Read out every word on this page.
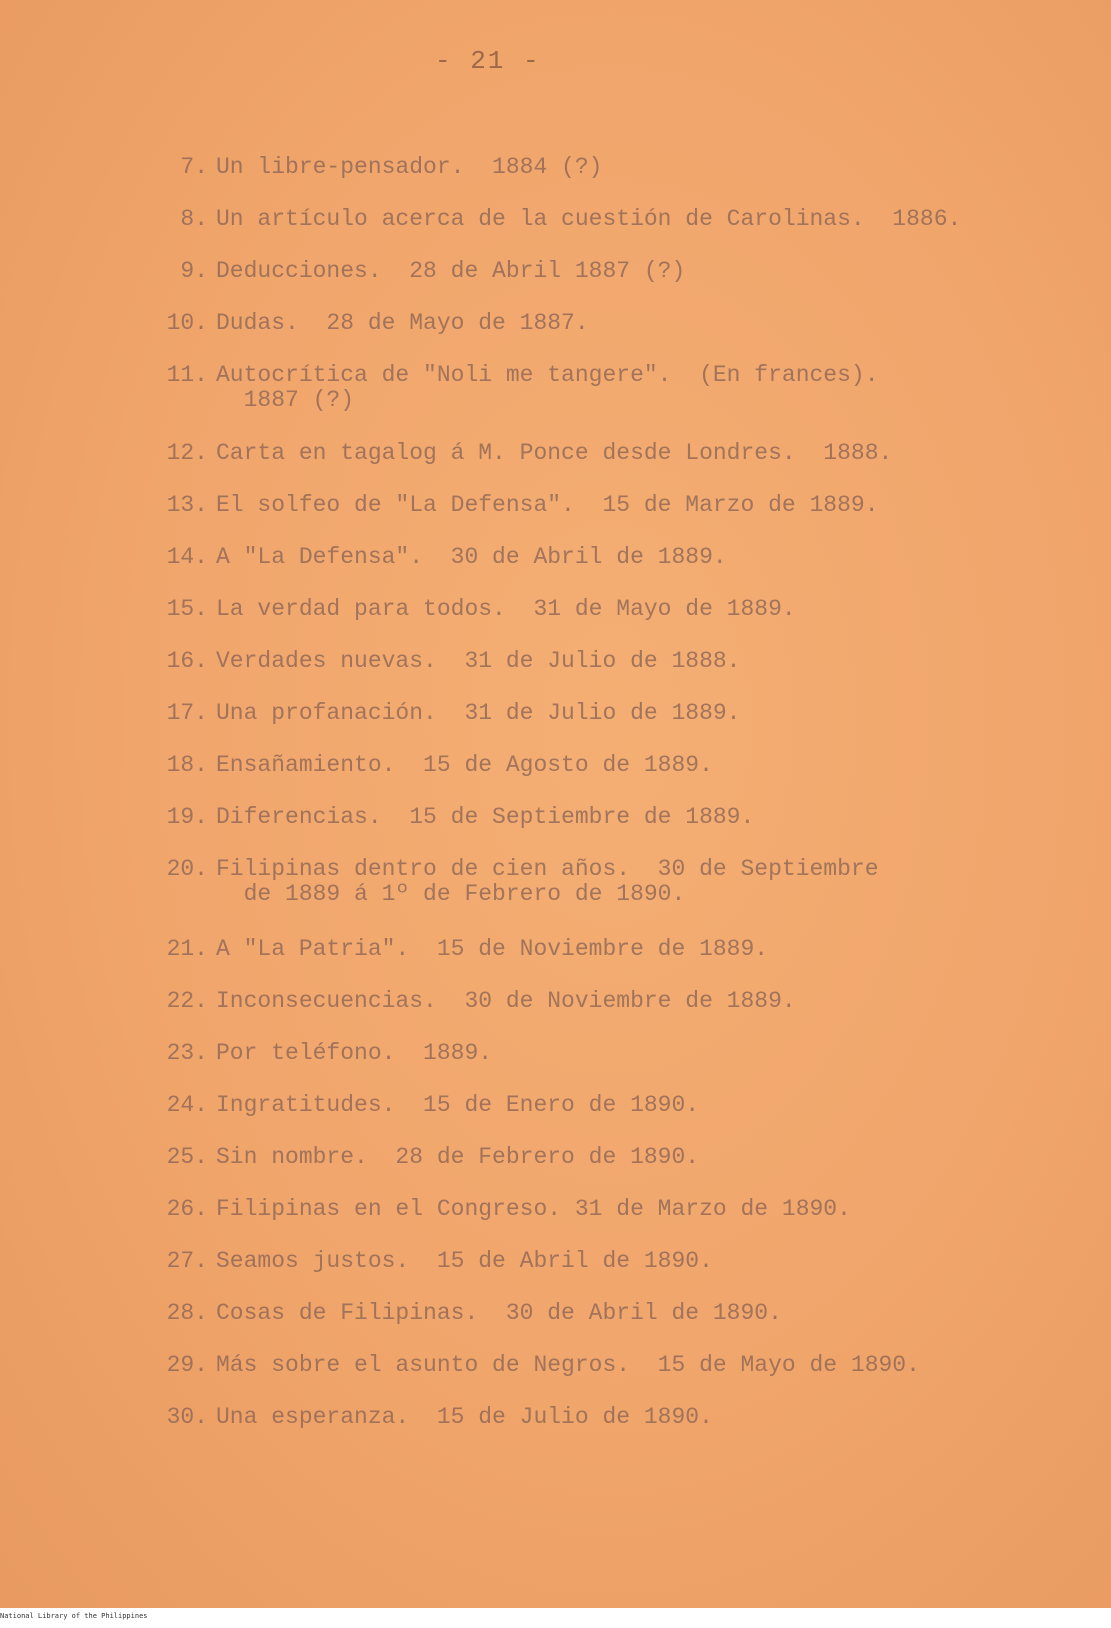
- 21 -
7. Un libre-pensador.  1884 (?)
8. Un artículo acerca de la cuestión de Carolinas.  1886.
9. Deducciones.  28 de Abril 1887 (?)
10. Dudas.  28 de Mayo de 1887.
11. Autocrítica de "Noli me tangere".  (En frances).
1887 (?)
12. Carta en tagalog á M. Ponce desde Londres.  1888.
13. El solfeo de "La Defensa".  15 de Marzo de 1889.
14. A "La Defensa".  30 de Abril de 1889.
15. La verdad para todos.  31 de Mayo de 1889.
16. Verdades nuevas.  31 de Julio de 1888.
17. Una profanación.  31 de Julio de 1889.
18. Ensañamiento.  15 de Agosto de 1889.
19. Diferencias.  15 de Septiembre de 1889.
20. Filipinas dentro de cien años.  30 de Septiembre
de 1889 á 1º de Febrero de 1890.
21. A "La Patria".  15 de Noviembre de 1889.
22. Inconsecuencias.  30 de Noviembre de 1889.
23. Por teléfono.  1889.
24. Ingratitudes.  15 de Enero de 1890.
25. Sin nombre.  28 de Febrero de 1890.
26. Filipinas en el Congreso. 31 de Marzo de 1890.
27. Seamos justos.  15 de Abril de 1890.
28. Cosas de Filipinas.  30 de Abril de 1890.
29. Más sobre el asunto de Negros.  15 de Mayo de 1890.
30. Una esperanza.  15 de Julio de 1890.
National Library of the Philippines
